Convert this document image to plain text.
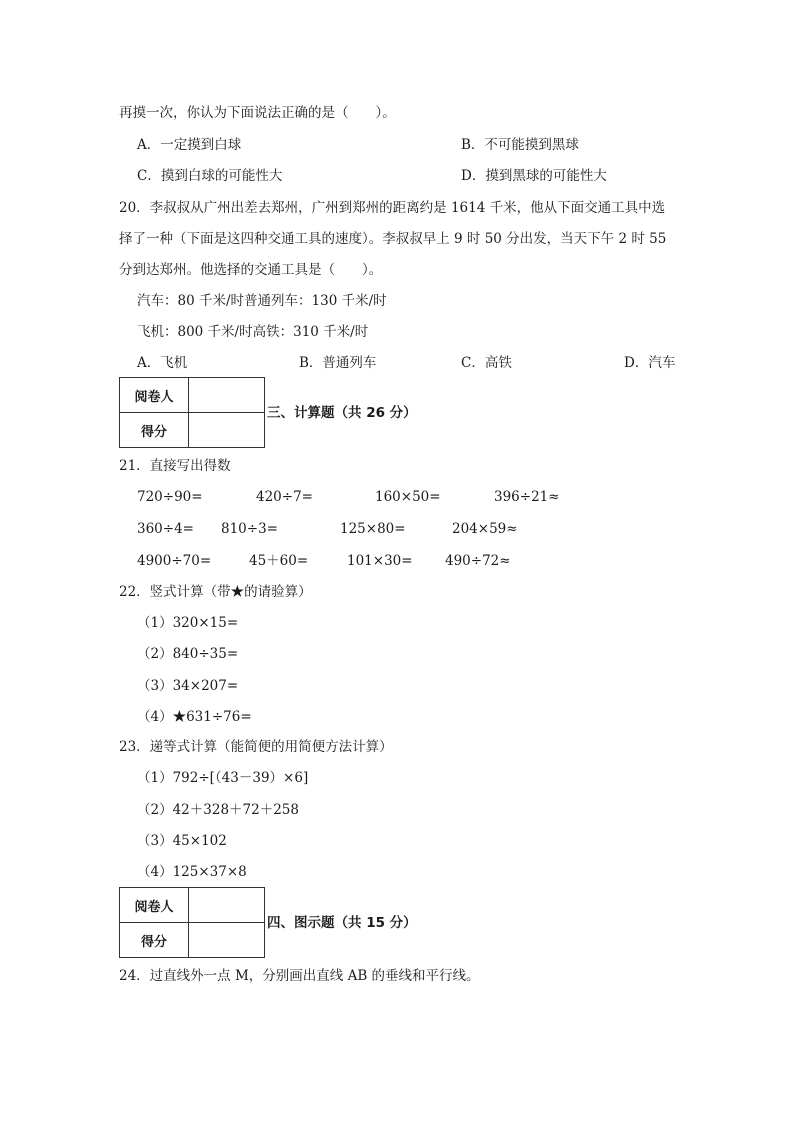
再摸一次，你认为下面说法正确的是（　　）。
A．一定摸到白球	B．不可能摸到黑球
C．摸到白球的可能性大	D．摸到黑球的可能性大
20．李叔叔从广州出差去郑州，广州到郑州的距离约是 1614 千米，他从下面交通工具中选
择了一种（下面是这四种交通工具的速度）。李叔叔早上 9 时 50 分出发，当天下午 2 时 55
分到达郑州。他选择的交通工具是（　　）。
汽车：80 千米/时普通列车：130 千米/时
飞机：800 千米/时高铁：310 千米/时
A．飞机	B．普通列车	C．高铁	D．汽车
阅卷人	
得分	
三、计算题（共 26 分）
21．直接写出得数
720÷90=	420÷7=	160×50=	396÷21≈
360÷4= 810÷3=	125×80=	204×59≈
4900÷70=	45＋60=	101×30= 490÷72≈
22．竖式计算（带★的请验算）
（1）320×15=
（2）840÷35=
（3）34×207=
（4）★631÷76=
23．递等式计算（能简便的用简便方法计算）
（1）792÷[（43－39）×6]
（2）42＋328＋72＋258
（3）45×102
（4）125×37×8
阅卷人	
得分	
四、图示题（共 15 分）
24．过直线外一点 M，分别画出直线 AB 的垂线和平行线。
